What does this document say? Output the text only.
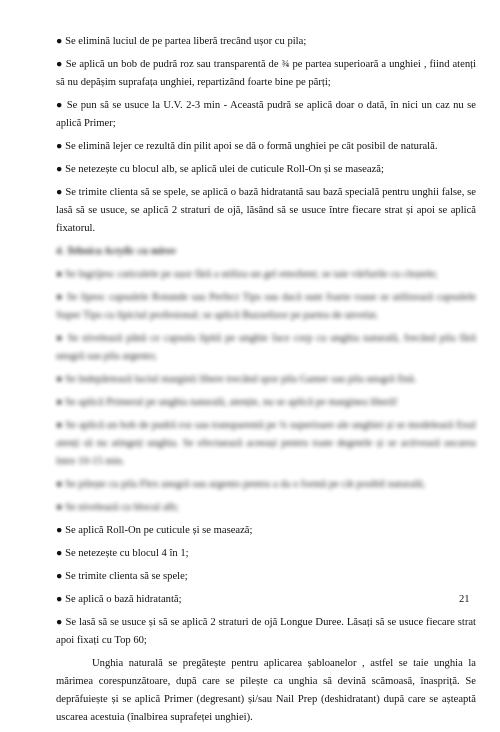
● Se elimină luciul de pe partea liberă trecând ușor cu pila;

● Se aplică un bob de pudră roz sau transparentă de ¾ pe partea superioară a unghiei , fiind atenți să nu depășim suprafața unghiei, repartizând foarte bine pe părți;

● Se pun să se usuce la U.V. 2-3 min - Această pudră se aplică doar o dată, în nici un caz nu se aplică Primer;

● Se elimină lejer ce rezultă din pilit apoi se dă o formă unghiei pe cât posibil de naturală.

● Se netezește cu blocul alb, se aplică ulei de cuticule Roll-On și se masează;

● Se trimite clienta să se spele, se aplică o bază hidratantă sau bază specială pentru unghii false, se lasă să se usuce, se aplică 2 straturi de ojă, lăsând să se usuce între fiecare strat și apoi se aplică fixatorul.

4. Tehnica Acrylic cu mirov

● Se îngrijesc cuticulele pe ușor fără a utiliza un gel emolient; se taie vârfurile cu cleștele;

● Se lipesc capsulele Rotunde sau Perfect Tips sau dacă sunt foarte roase se utilizează capsulele Super Tips cu lipiciul profesional; se aplică Buzzelizor pe partea de unvelat.

● Se nivelează până ce capsula lipită pe unghie face corp cu unghia naturală, frecând pila fără unsgră sau pila argento;

● Se îndepărtează luciul marginii libere trecând spor pila Gamer sau pila unsgră fină.

● Se aplică Primerul pe unghia naturală, atenție, nu se aplică pe marginea liberă!

● Se aplică un bob de pudră roz sau transparentă pe ¾ superioare ale unghiei și se modelează fixul atenți să nu atingeți unghia. Se efectuează aceeași pentru toate degetele și se activează uscarea între 10-15 min.

● Se pilește cu pila Flex unsgră sau argento pentru a da o formă pe cât posibil naturală;

● Se nivelează cu blocul alb;

● Se aplică Roll-On pe cuticule și se masează;

● Se netezește cu blocul 4 în 1;

● Se trimite clienta să se spele;

● Se aplică o bază hidratantă;

● Se lasă să se usuce și să se aplică 2 straturi de ojă Longue Duree. Lăsați să se usuce fiecare strat apoi fixați cu Top 60;

Unghia naturală se pregătește pentru aplicarea șabloanelor , astfel se taie unghia la mărimea corespunzătoare, după care se pilește ca unghia să devină scămoasă, înaspriță. Se deprăfuiește și se aplică Primer (degresant) și/sau Nail Prep (deshidratant) după care se așteaptă uscarea acestuia (înalbirea suprafeței unghiei).

21
